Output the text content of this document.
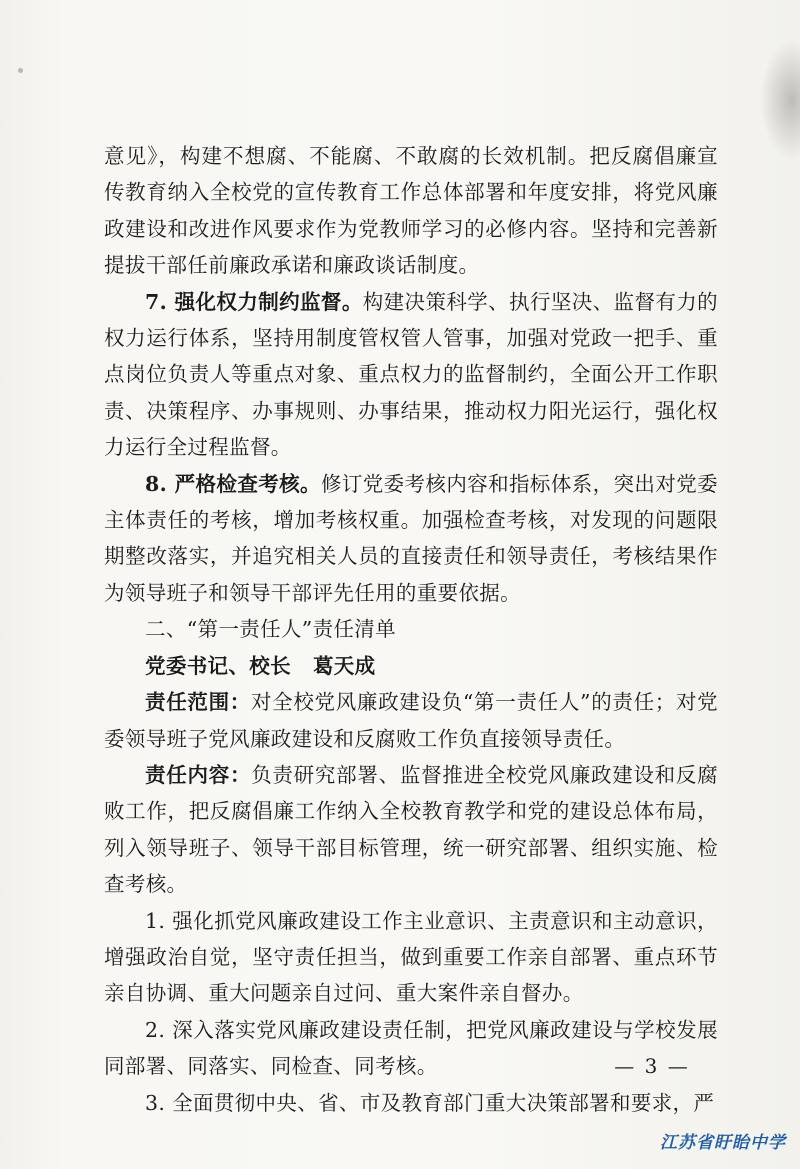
意见》，构建不想腐、不能腐、不敢腐的长效机制。把反腐倡廉宣传教育纳入全校党的宣传教育工作总体部署和年度安排，将党风廉政建设和改进作风要求作为党教师学习的必修内容。坚持和完善新提拔干部任前廉政承诺和廉政谈话制度。

7. 强化权力制约监督。构建决策科学、执行坚决、监督有力的权力运行体系，坚持用制度管权管人管事，加强对党政一把手、重点岗位负责人等重点对象、重点权力的监督制约，全面公开工作职责、决策程序、办事规则、办事结果，推动权力阳光运行，强化权力运行全过程监督。

8. 严格检查考核。修订党委考核内容和指标体系，突出对党委主体责任的考核，增加考核权重。加强检查考核，对发现的问题限期整改落实，并追究相关人员的直接责任和领导责任，考核结果作为领导班子和领导干部评先任用的重要依据。

二、“第一责任人”责任清单

党委书记、校长 葛天成

责任范围：对全校党风廉政建设负“第一责任人”的责任；对党委领导班子党风廉政建设和反腐败工作负直接领导责任。

责任内容：负责研究部署、监督推进全校党风廉政建设和反腐败工作，把反腐倡廉工作纳入全校教育教学和党的建设总体布局，列入领导班子、领导干部目标管理，统一研究部署、组织实施、检查考核。

1. 强化抓党风廉政建设工作主业意识、主责意识和主动意识，增强政治自觉，坚守责任担当，做到重要工作亲自部署、重点环节亲自协调、重大问题亲自过问、重大案件亲自督办。

2. 深入落实党风廉政建设责任制，把党风廉政建设与学校发展同部署、同落实、同检查、同考核。

3. 全面贯彻中央、省、市及教育部门重大决策部署和要求，严

— 3 —
江苏省盱眙中学
